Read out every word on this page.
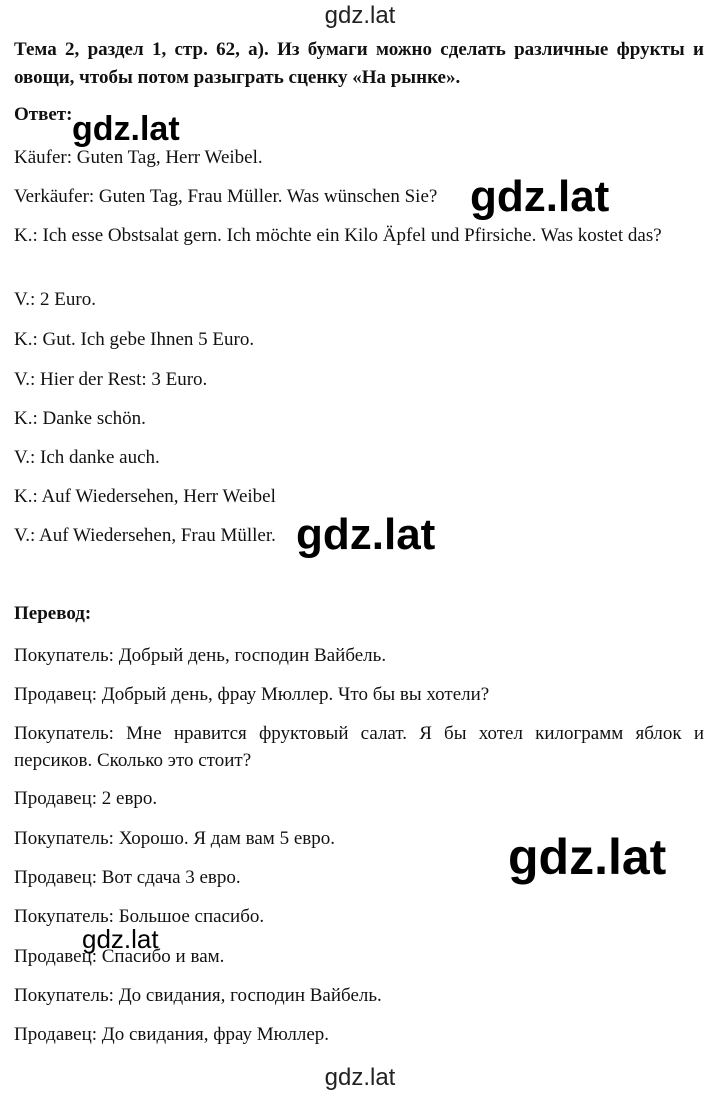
gdz.lat
Тема 2, раздел 1, стр. 62, а). Из бумаги можно сделать различные фрукты и овощи, чтобы потом разыграть сценку «На рынке».
Ответ:
Käufer: Guten Tag, Herr Weibel.
Verkäufer: Guten Tag, Frau Müller. Was wünschen Sie?
K.: Ich esse Obstsalat gern. Ich möchte ein Kilo Äpfel und Pfirsiche. Was kostet das?
V.: 2 Euro.
K.: Gut. Ich gebe Ihnen 5 Euro.
V.: Hier der Rest: 3 Euro.
K.: Danke schön.
V.: Ich danke auch.
K.: Auf Wiedersehen, Herr Weibel
V.: Auf Wiedersehen, Frau Müller.
Перевод:
Покупатель: Добрый день, господин Вайбель.
Продавец: Добрый день, фрау Мюллер. Что бы вы хотели?
Покупатель: Мне нравится фруктовый салат. Я бы хотел килограмм яблок и персиков. Сколько это стоит?
Продавец: 2 евро.
Покупатель: Хорошо. Я дам вам 5 евро.
Продавец: Вот сдача 3 евро.
Покупатель: Большое спасибо.
Продавец: Спасибо и вам.
Покупатель: До свидания, господин Вайбель.
Продавец: До свидания, фрау Мюллер.
gdz.lat
gdz.lat
gdz.lat
gdz.lat
gdz.lat
gdz.lat
